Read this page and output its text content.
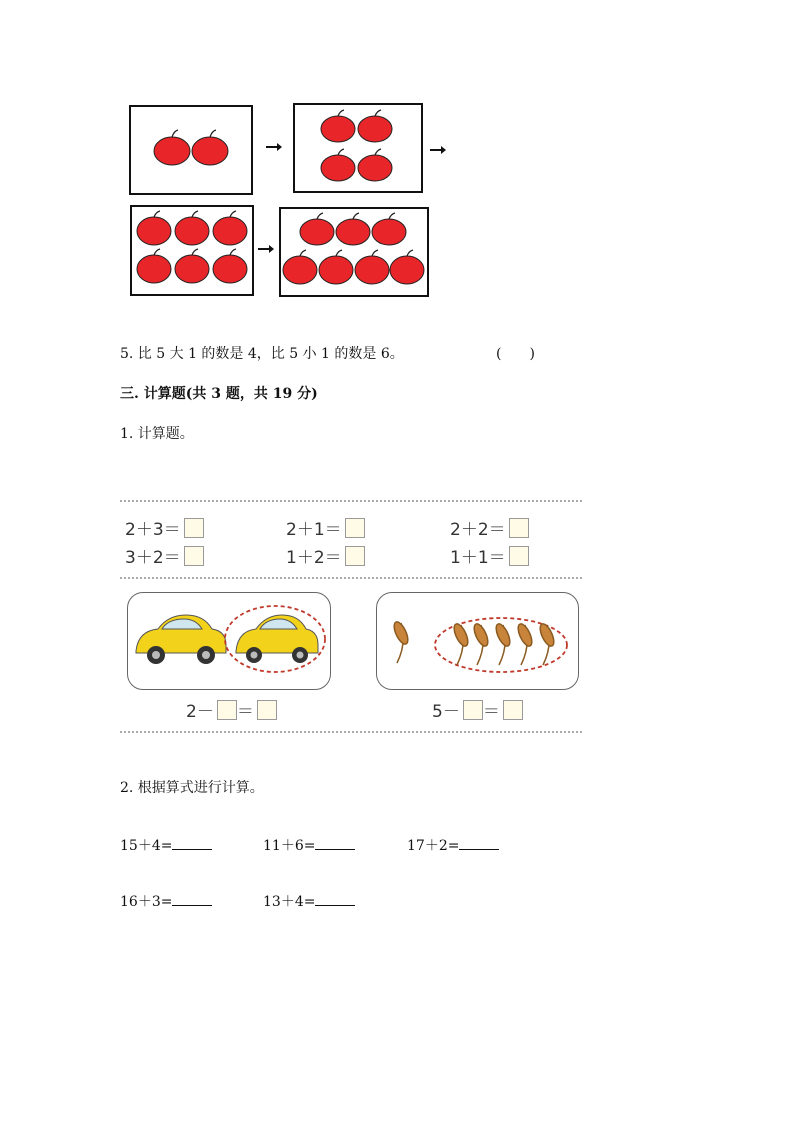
5. 比 5 大 1 的数是 4，比 5 小 1 的数是 6。	(　　)
三. 计算题(共 3 题，共 19 分)
1. 计算题。
2＋3＝	2＋1＝	2＋2＝
3＋2＝	1＋2＝	1＋1＝
2－ ＝	5－ ＝
2. 根据算式进行计算。
15＋4=	11＋6=	17＋2=
16＋3=	13＋4=
